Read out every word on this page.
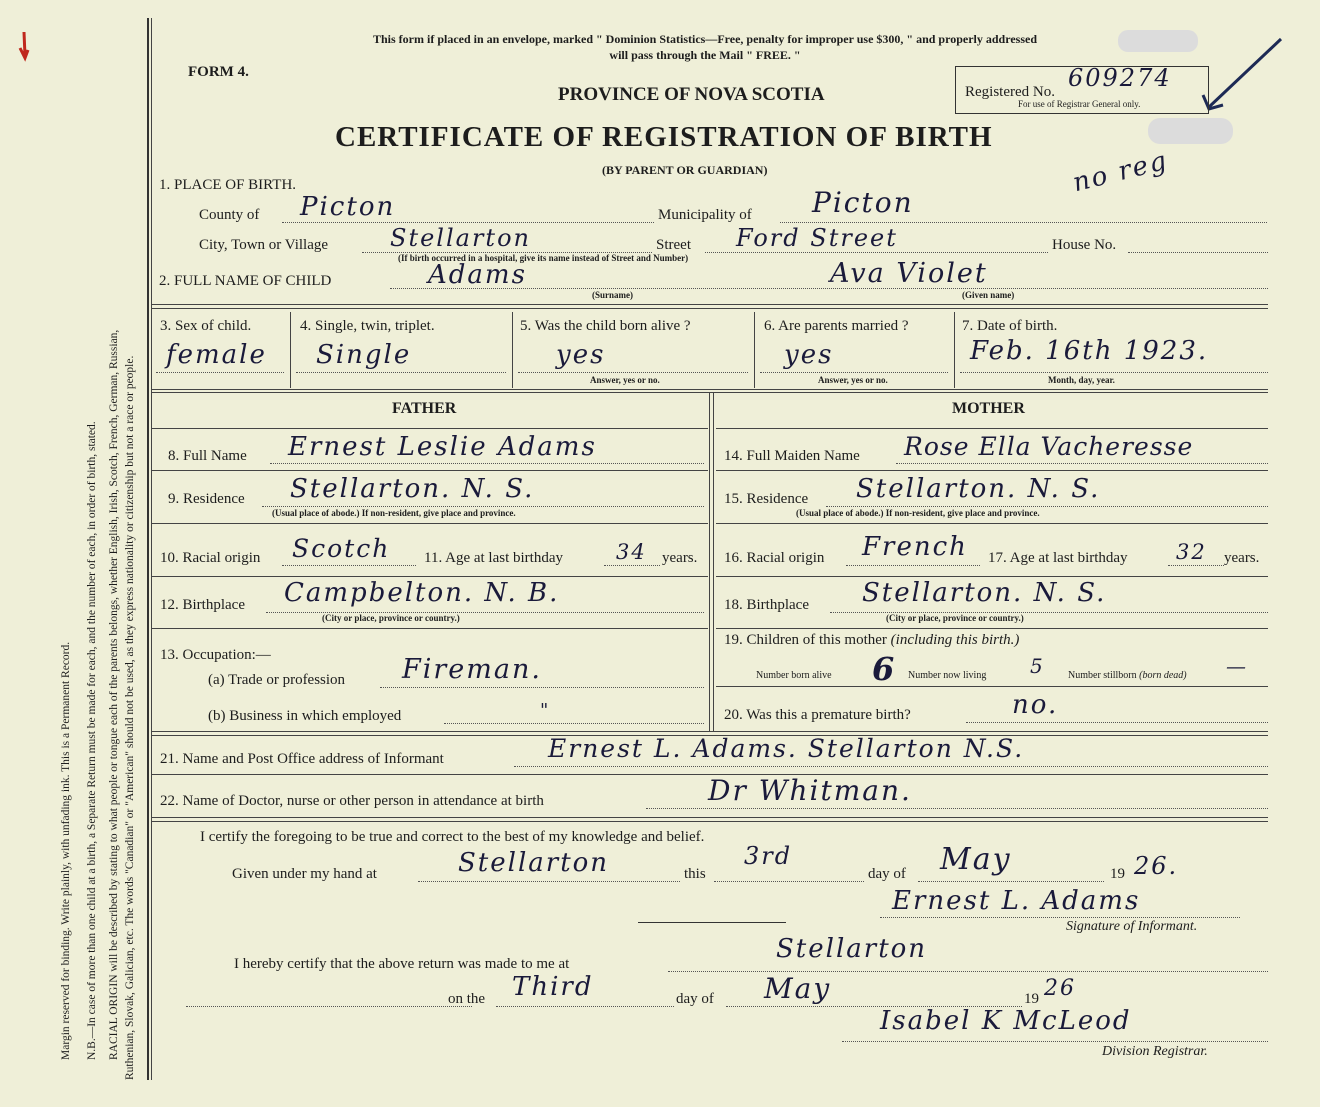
Margin reserved for binding. Write plainly, with unfading ink. This is a Permanent Record. N.B.—In case of more than one child at a birth, a Separate Return must be made for each, and the number of each, in order of birth, stated. RACIAL ORIGIN will be described by stating to what people or tongue each of the parents belongs, whether English, Irish, Scotch, French, German, Russian, Ruthenian, Slovak, Galician, etc. The words "Canadian" or "American" should not be used, as they express nationality or citizenship but not a race or people.
This form if placed in an envelope, marked " Dominion Statistics—Free, penalty for improper use $300, " and properly addressed
will pass through the Mail " FREE. "
FORM 4.
PROVINCE OF NOVA SCOTIA
CERTIFICATE OF REGISTRATION OF BIRTH
(BY PARENT OR GUARDIAN)
Registered No. 609274
For use of Registrar General only.
no reg
1. PLACE OF BIRTH.
County of Picton	Municipality of Picton
City, Town or Village	Stellarton	Street Ford Street	House No.
(If birth occurred in a hospital, give its name instead of Street and Number)
2. FULL NAME OF CHILD	Adams	Ava Violet
(Surname)	(Given name)
3. Sex of child.
female
4. Single, twin, triplet.
Single
5. Was the child born alive ?
yes
Answer, yes or no.
6. Are parents married ?
yes
Answer, yes or no.
7. Date of birth.
Feb. 16th 1923.
Month, day, year.
FATHER	MOTHER
8. Full Name Ernest Leslie Adams
9. Residence Stellarton. N. S.
(Usual place of abode.) If non-resident, give place and province.
10. Racial origin Scotch 11. Age at last birthday	34 years.
12. Birthplace Campbelton. N. B.
(City or place, province or country.)
13. Occupation:—
(a) Trade or profession Fireman.
(b) Business in which employed	"
14. Full Maiden Name Rose Ella Vacheresse
15. Residence Stellarton. N. S.
(Usual place of abode.) If non-resident, give place and province.
16. Racial origin French 17. Age at last birthday 32 years.
18. Birthplace Stellarton. N. S.
(City or place, province or country.)
19. Children of this mother (including this birth.)
Number born alive 6 Number now living 5 Number stillborn (born dead) —
20. Was this a premature birth?	no.
21. Name and Post Office address of Informant	Ernest L. Adams. Stellarton N.S.
22. Name of Doctor, nurse or other person in attendance at birth	Dr Whitman.
I certify the foregoing to be true and correct to the best of my knowledge and belief.
Given under my hand at	Stellarton	this
3rd
day of May	19 26.
Ernest L. Adams
Signature of Informant.
I hereby certify that the above return was made to me at	Stellarton
on the Third	day of May	19 26
Isabel K McLeod
Division Registrar.
